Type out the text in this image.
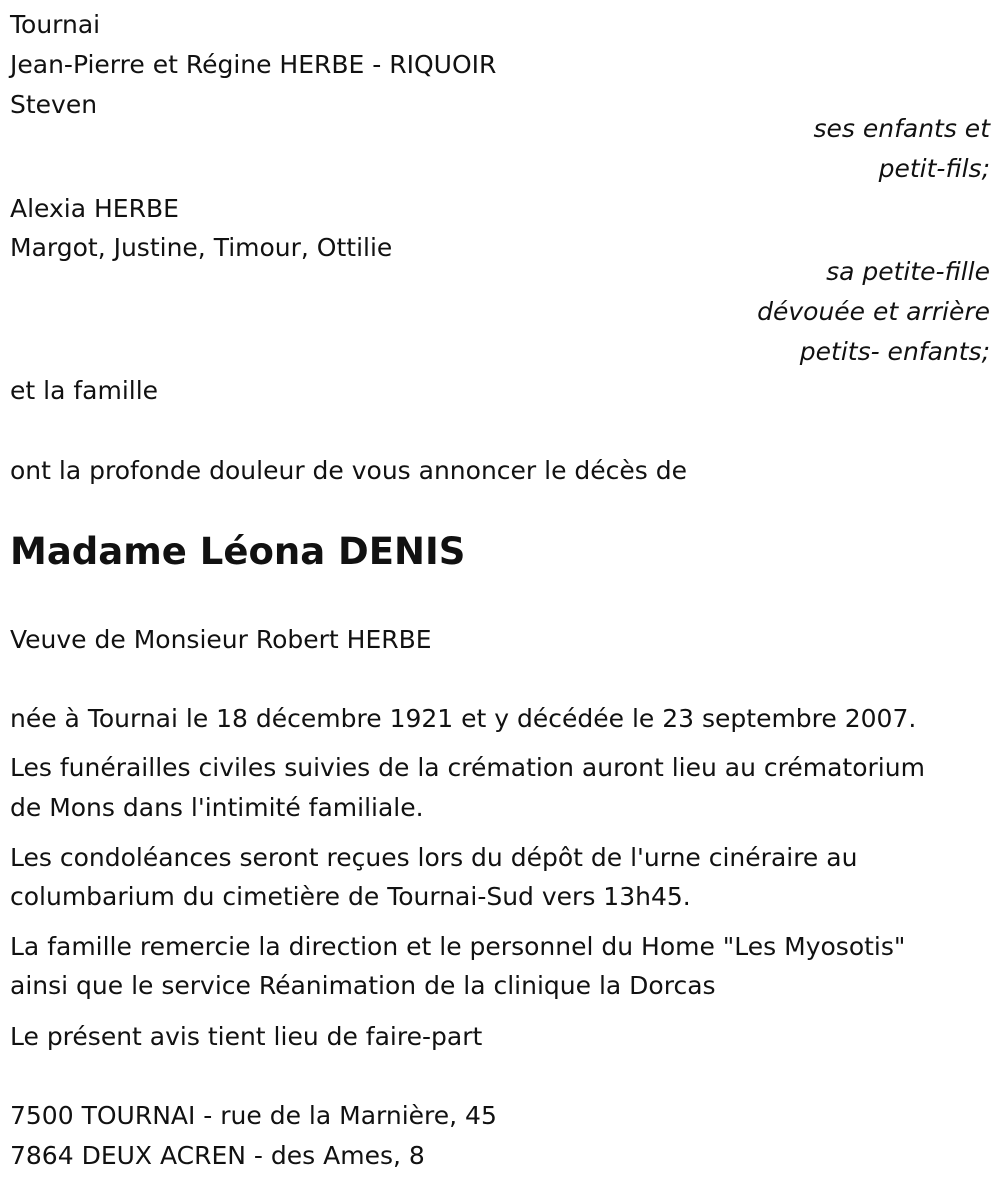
Tournai
Jean-Pierre et Régine HERBE - RIQUOIR
Steven
ses enfants et
petit-fils;
Alexia HERBE
Margot, Justine, Timour, Ottilie
sa petite-fille
dévouée et arrière
petits- enfants;
et la famille
ont la profonde douleur de vous annoncer le décès de
Madame Léona DENIS
Veuve de Monsieur Robert HERBE
née à Tournai le 18 décembre 1921 et y décédée le 23 septembre 2007.
Les funérailles civiles suivies de la crémation auront lieu au crématorium
de Mons dans l'intimité familiale.
Les condoléances seront reçues lors du dépôt de l'urne cinéraire au
columbarium du cimetière de Tournai-Sud vers 13h45.
La famille remercie la direction et le personnel du Home "Les Myosotis"
ainsi que le service Réanimation de la clinique la Dorcas
Le présent avis tient lieu de faire-part
7500 TOURNAI - rue de la Marnière, 45
7864 DEUX ACREN - des Ames, 8
